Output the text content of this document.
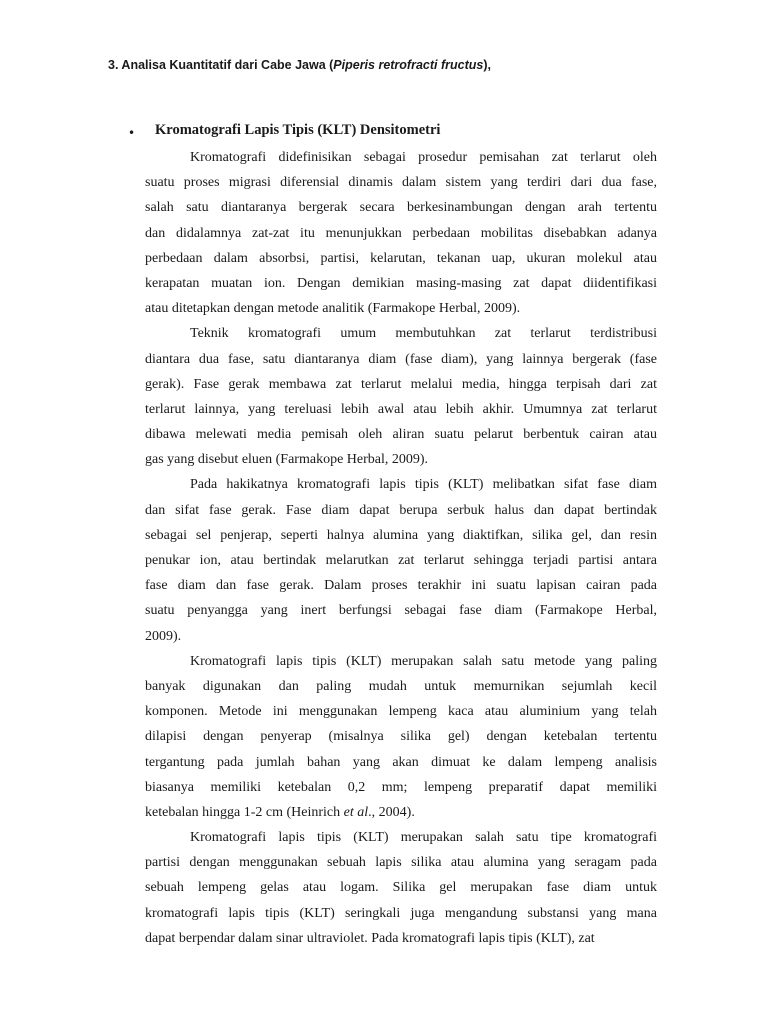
3. Analisa Kuantitatif dari Cabe Jawa (Piperis retrofracti fructus),
• Kromatografi Lapis Tipis (KLT) Densitometri
Kromatografi didefinisikan sebagai prosedur pemisahan zat terlarut oleh
suatu proses migrasi diferensial dinamis dalam sistem yang terdiri dari dua fase,
salah satu diantaranya bergerak secara berkesinambungan dengan arah tertentu
dan didalamnya zat-zat itu menunjukkan perbedaan mobilitas disebabkan adanya
perbedaan dalam absorbsi, partisi, kelarutan, tekanan uap, ukuran molekul atau
kerapatan muatan ion. Dengan demikian masing-masing zat dapat diidentifikasi
atau ditetapkan dengan metode analitik (Farmakope Herbal, 2009).
Teknik kromatografi umum membutuhkan zat terlarut terdistribusi
diantara dua fase, satu diantaranya diam (fase diam), yang lainnya bergerak (fase
gerak). Fase gerak membawa zat terlarut melalui media, hingga terpisah dari zat
terlarut lainnya, yang tereluasi lebih awal atau lebih akhir. Umumnya zat terlarut
dibawa melewati media pemisah oleh aliran suatu pelarut berbentuk cairan atau
gas yang disebut eluen (Farmakope Herbal, 2009).
Pada hakikatnya kromatografi lapis tipis (KLT) melibatkan sifat fase diam
dan sifat fase gerak. Fase diam dapat berupa serbuk halus dan dapat bertindak
sebagai sel penjerap, seperti halnya alumina yang diaktifkan, silika gel, dan resin
penukar ion, atau bertindak melarutkan zat terlarut sehingga terjadi partisi antara
fase diam dan fase gerak. Dalam proses terakhir ini suatu lapisan cairan pada
suatu penyangga yang inert berfungsi sebagai fase diam (Farmakope Herbal,
2009).
Kromatografi lapis tipis (KLT) merupakan salah satu metode yang paling
banyak digunakan dan paling mudah untuk memurnikan sejumlah kecil
komponen. Metode ini menggunakan lempeng kaca atau aluminium yang telah
dilapisi dengan penyerap (misalnya silika gel) dengan ketebalan tertentu
tergantung pada jumlah bahan yang akan dimuat ke dalam lempeng analisis
biasanya memiliki ketebalan 0,2 mm; lempeng preparatif dapat memiliki
ketebalan hingga 1-2 cm (Heinrich et al., 2004).
Kromatografi lapis tipis (KLT) merupakan salah satu tipe kromatografi
partisi dengan menggunakan sebuah lapis silika atau alumina yang seragam pada
sebuah lempeng gelas atau logam. Silika gel merupakan fase diam untuk
kromatografi lapis tipis (KLT) seringkali juga mengandung substansi yang mana
dapat berpendar dalam sinar ultraviolet. Pada kromatografi lapis tipis (KLT), zat
